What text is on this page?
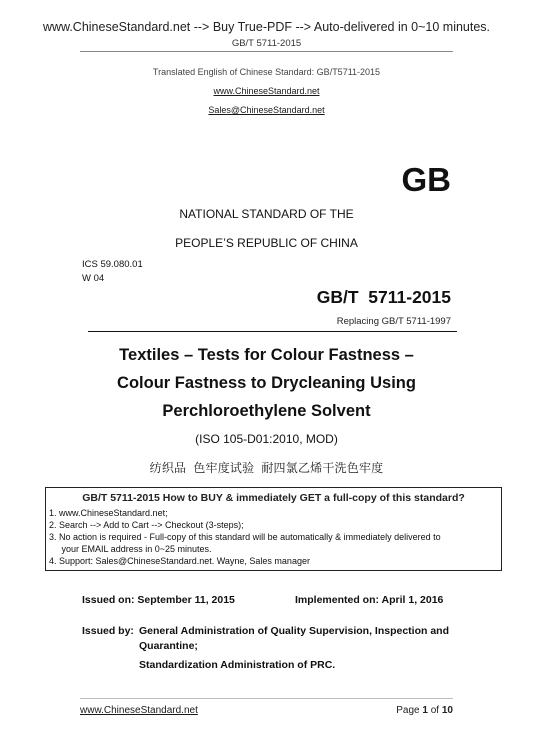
www.ChineseStandard.net --> Buy True-PDF --> Auto-delivered in 0~10 minutes.
GB/T 5711-2015
Translated English of Chinese Standard: GB/T5711-2015
www.ChineseStandard.net
Sales@ChineseStandard.net
GB
NATIONAL STANDARD OF THE
PEOPLE’S REPUBLIC OF CHINA
ICS 59.080.01
W 04
GB/T  5711-2015
Replacing GB/T 5711-1997
Textiles – Tests for Colour Fastness –
Colour Fastness to Drycleaning Using
Perchloroethylene Solvent
(ISO 105-D01:2010, MOD)
纺织品  色牢度试验  耐四氯乙烯干洗色牢度
GB/T 5711-2015 How to BUY & immediately GET a full-copy of this standard?
1. www.ChineseStandard.net;
2. Search --> Add to Cart --> Checkout (3-steps);
3. No action is required - Full-copy of this standard will be automatically & immediately delivered to
your EMAIL address in 0~25 minutes.
4. Support: Sales@ChineseStandard.net. Wayne, Sales manager
Issued on: September 11, 2015	Implemented on: April 1, 2016
Issued by: General Administration of Quality Supervision, Inspection and
Quarantine;
Standardization Administration of PRC.
www.ChineseStandard.net	Page 1 of 10
